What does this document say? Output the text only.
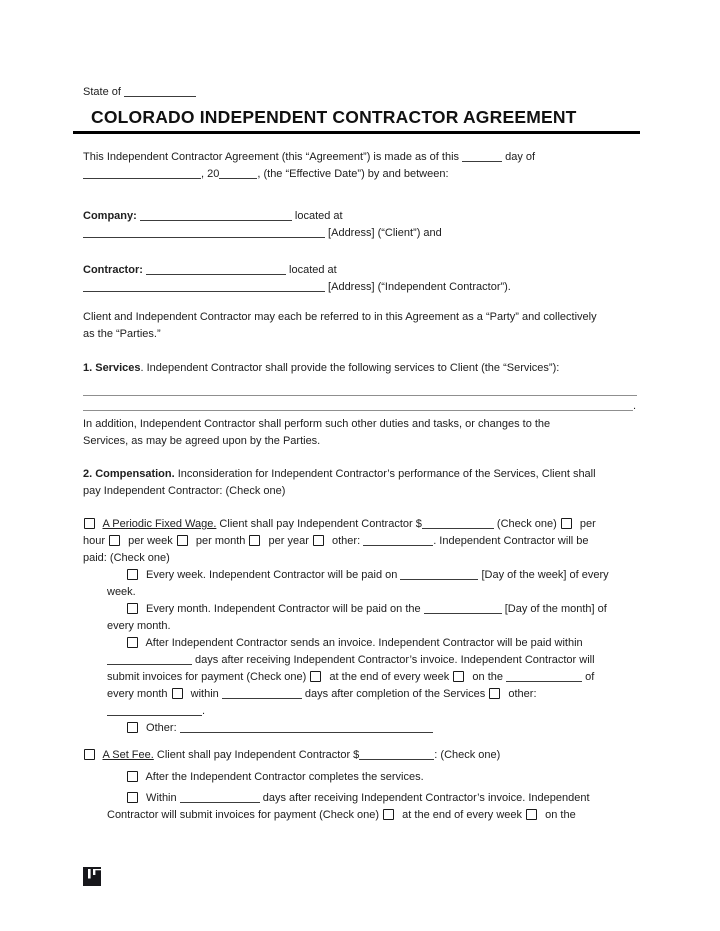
State of
COLORADO INDEPENDENT CONTRACTOR AGREEMENT
This Independent Contractor Agreement (this “Agreement”) is made as of this	day of
, 20	, (the “Effective Date”) by and between:
Company:	located at
[Address] (“Client”) and
Contractor:	located at
[Address] (“Independent Contractor”).
Client and Independent Contractor may each be referred to in this Agreement as a “Party” and collectively
as the “Parties.”
1. Services. Independent Contractor shall provide the following services to Client (the “Services”):

.
In addition, Independent Contractor shall perform such other duties and tasks, or changes to the
Services, as may be agreed upon by the Parties.
2. Compensation. Inconsideration for Independent Contractor’s performance of the Services, Client shall
pay Independent Contractor: (Check one)
A Periodic Fixed Wage. Client shall pay Independent Contractor $	(Check one)  per
hour  per week  per month  per year  other:	. Independent Contractor will be
paid: (Check one)
Every week. Independent Contractor will be paid on	[Day of the week] of every
week.
Every month. Independent Contractor will be paid on the	[Day of the month] of
every month.
After Independent Contractor sends an invoice. Independent Contractor will be paid within
days after receiving Independent Contractor’s invoice. Independent Contractor will
submit invoices for payment (Check one)  at the end of every week  on the	of
every month  within	days after completion of the Services  other:
.
Other:
A Set Fee. Client shall pay Independent Contractor $	: (Check one)
After the Independent Contractor completes the services.
Within	days after receiving Independent Contractor’s invoice. Independent
Contractor will submit invoices for payment (Check one)  at the end of every week  on the
